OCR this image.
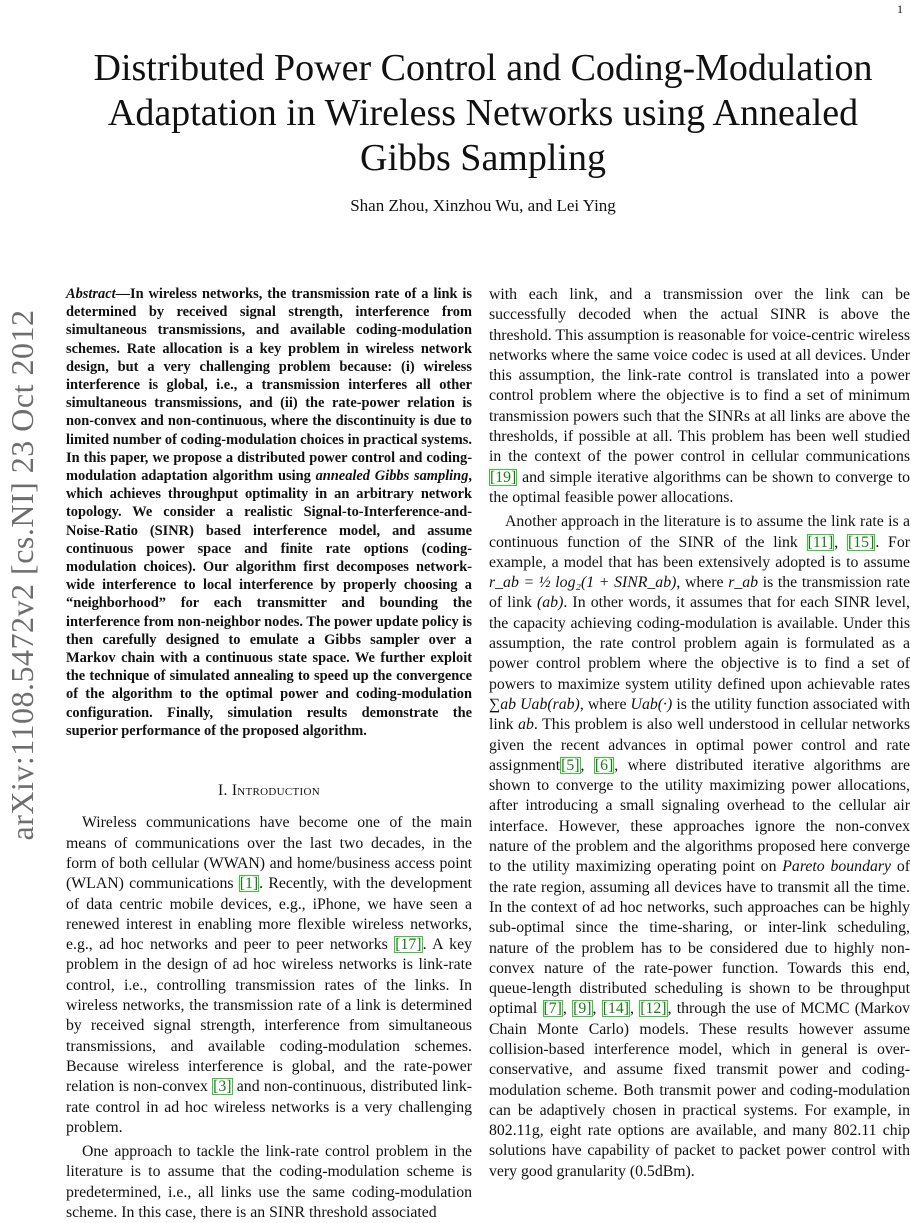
1
arXiv:1108.5472v2 [cs.NI] 23 Oct 2012
Distributed Power Control and Coding-Modulation
Adaptation in Wireless Networks using Annealed
Gibbs Sampling
Shan Zhou, Xinzhou Wu, and Lei Ying
Abstract—In wireless networks, the transmission rate of a link is determined by received signal strength, interference from simultaneous transmissions, and available coding-modulation schemes. Rate allocation is a key problem in wireless network design, but a very challenging problem because: (i) wireless interference is global, i.e., a transmission interferes all other simultaneous transmissions, and (ii) the rate-power relation is non-convex and non-continuous, where the discontinuity is due to limited number of coding-modulation choices in practical systems. In this paper, we propose a distributed power control and coding-modulation adaptation algorithm using annealed Gibbs sampling, which achieves throughput optimality in an arbitrary network topology. We consider a realistic Signal-to-Interference-and-Noise-Ratio (SINR) based interference model, and assume continuous power space and finite rate options (coding-modulation choices). Our algorithm first decomposes network-wide interference to local interference by properly choosing a “neighborhood” for each transmitter and bounding the interference from non-neighbor nodes. The power update policy is then carefully designed to emulate a Gibbs sampler over a Markov chain with a continuous state space. We further exploit the technique of simulated annealing to speed up the convergence of the algorithm to the optimal power and coding-modulation configuration. Finally, simulation results demonstrate the superior performance of the proposed algorithm.
I. Introduction

Wireless communications have become one of the main means of communications over the last two decades, in the form of both cellular (WWAN) and home/business access point (WLAN) communications [1]. Recently, with the development of data centric mobile devices, e.g., iPhone, we have seen a renewed interest in enabling more flexible wireless networks, e.g., ad hoc networks and peer to peer networks [17]. A key problem in the design of ad hoc wireless networks is link-rate control, i.e., controlling transmission rates of the links. In wireless networks, the transmission rate of a link is determined by received signal strength, interference from simultaneous transmissions, and available coding-modulation schemes. Because wireless interference is global, and the rate-power relation is non-convex [3] and non-continuous, distributed link-rate control in ad hoc wireless networks is a very challenging problem.

One approach to tackle the link-rate control problem in the literature is to assume that the coding-modulation scheme is predetermined, i.e., all links use the same coding-modulation scheme. In this case, there is an SINR threshold associated

with each link, and a transmission over the link can be successfully decoded when the actual SINR is above the threshold. This assumption is reasonable for voice-centric wireless networks where the same voice codec is used at all devices. Under this assumption, the link-rate control is translated into a power control problem where the objective is to find a set of minimum transmission powers such that the SINRs at all links are above the thresholds, if possible at all. This problem has been well studied in the context of the power control in cellular communications [19] and simple iterative algorithms can be shown to converge to the optimal feasible power allocations.

Another approach in the literature is to assume the link rate is a continuous function of the SINR of the link [11], [15]. For example, a model that has been extensively adopted is to assume r_ab = ½ log₂(1 + SINR_ab), where r_ab is the transmission rate of link (ab). In other words, it assumes that for each SINR level, the capacity achieving coding-modulation is available. Under this assumption, the rate control problem again is formulated as a power control problem where the objective is to find a set of powers to maximize system utility defined upon achievable rates ∑ab Uab(rab), where Uab(·) is the utility function associated with link ab. This problem is also well understood in cellular networks given the recent advances in optimal power control and rate assignment[5], [6], where distributed iterative algorithms are shown to converge to the utility maximizing power allocations, after introducing a small signaling overhead to the cellular air interface. However, these approaches ignore the non-convex nature of the problem and the algorithms proposed here converge to the utility maximizing operating point on Pareto boundary of the rate region, assuming all devices have to transmit all the time. In the context of ad hoc networks, such approaches can be highly sub-optimal since the time-sharing, or inter-link scheduling, nature of the problem has to be considered due to highly non-convex nature of the rate-power function. Towards this end, queue-length distributed scheduling is shown to be throughput optimal [7], [9], [14], [12], through the use of MCMC (Markov Chain Monte Carlo) models. These results however assume collision-based interference model, which in general is over-conservative, and assume fixed transmit power and coding-modulation scheme. Both transmit power and coding-modulation can be adaptively chosen in practical systems. For example, in 802.11g, eight rate options are available, and many 802.11 chip solutions have capability of packet to packet power control with very good granularity (0.5dBm).
